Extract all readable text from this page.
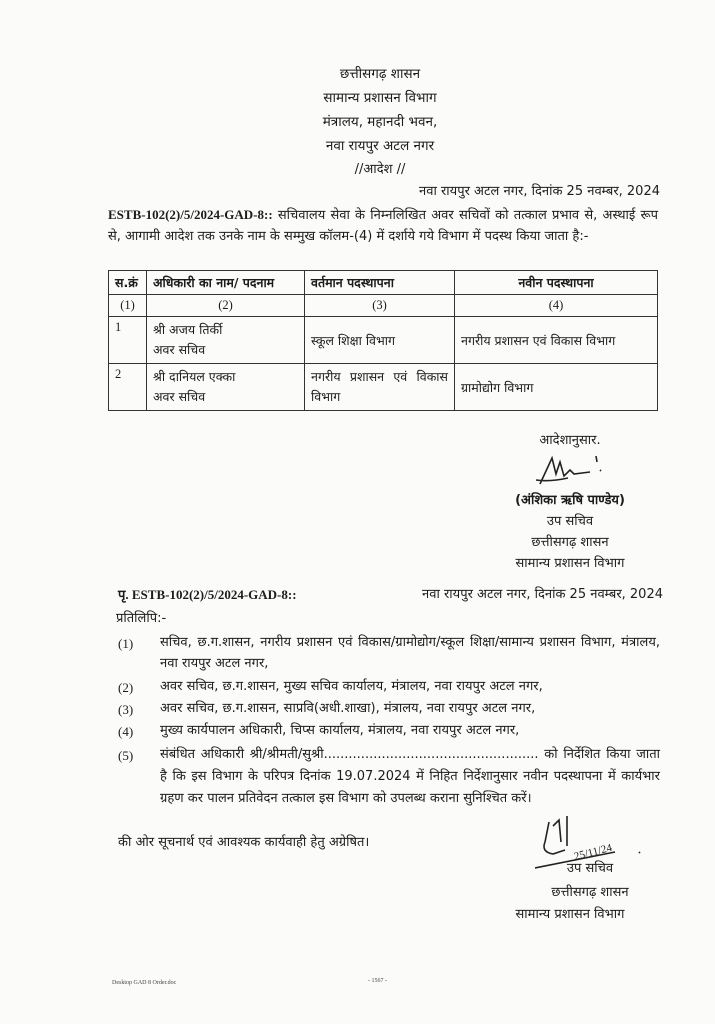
छत्तीसगढ़ शासन
सामान्य प्रशासन विभाग
मंत्रालय, महानदी भवन,
नवा रायपुर अटल नगर
//आदेश //
नवा रायपुर अटल नगर, दिनांक 25 नवम्बर, 2024
ESTB-102(2)/5/2024-GAD-8:: सचिवालय सेवा के निम्नलिखित अवर सचिवों को तत्काल प्रभाव से, अस्थाई रूप से, आगामी आदेश तक उनके नाम के सम्मुख कॉलम-(4) में दर्शाये गये विभाग में पदस्थ किया जाता है:-
स.क्रं	अधिकारी का नाम/ पदनाम	वर्तमान पदस्थापना	नवीन पदस्थापना
(1)	(2)	(3)	(4)
1	श्री अजय तिर्की
अवर सचिव	स्कूल शिक्षा विभाग	नगरीय प्रशासन एवं विकास विभाग
2	श्री दानियल एक्का
अवर सचिव	नगरीय प्रशासन एवं विकास विभाग	ग्रामोद्योग विभाग
आदेशानुसार.
(अंशिका ऋषि पाण्डेय)
उप सचिव
छत्तीसगढ़ शासन
सामान्य प्रशासन विभाग
पृ. ESTB-102(2)/5/2024-GAD-8::	नवा रायपुर अटल नगर, दिनांक 25 नवम्बर, 2024
प्रतिलिपि:-
(1) सचिव, छ.ग.शासन, नगरीय प्रशासन एवं विकास/ग्रामोद्योग/स्कूल शिक्षा/सामान्य प्रशासन विभाग, मंत्रालय, नवा रायपुर अटल नगर,
(2) अवर सचिव, छ.ग.शासन, मुख्य सचिव कार्यालय, मंत्रालय, नवा रायपुर अटल नगर,
(3) अवर सचिव, छ.ग.शासन, साप्रवि(अधी.शाखा), मंत्रालय, नवा रायपुर अटल नगर,
(4) मुख्य कार्यपालन अधिकारी, चिप्स कार्यालय, मंत्रालय, नवा रायपुर अटल नगर,
(5) संबंधित अधिकारी श्री/श्रीमती/सुश्री.................................................... को निर्देशित किया जाता है कि इस विभाग के परिपत्र दिनांक 19.07.2024 में निहित निर्देशानुसार नवीन पदस्थापना में कार्यभार ग्रहण कर पालन प्रतिवेदन तत्काल इस विभाग को उपलब्ध कराना सुनिश्चित करें।
की ओर सूचनार्थ एवं आवश्यक कार्यवाही हेतु अग्रेषित।	25/11/24
उप सचिव
छत्तीसगढ़ शासन
सामान्य प्रशासन विभाग
Desktop GAD 8 Order.doc	- 1567 -
